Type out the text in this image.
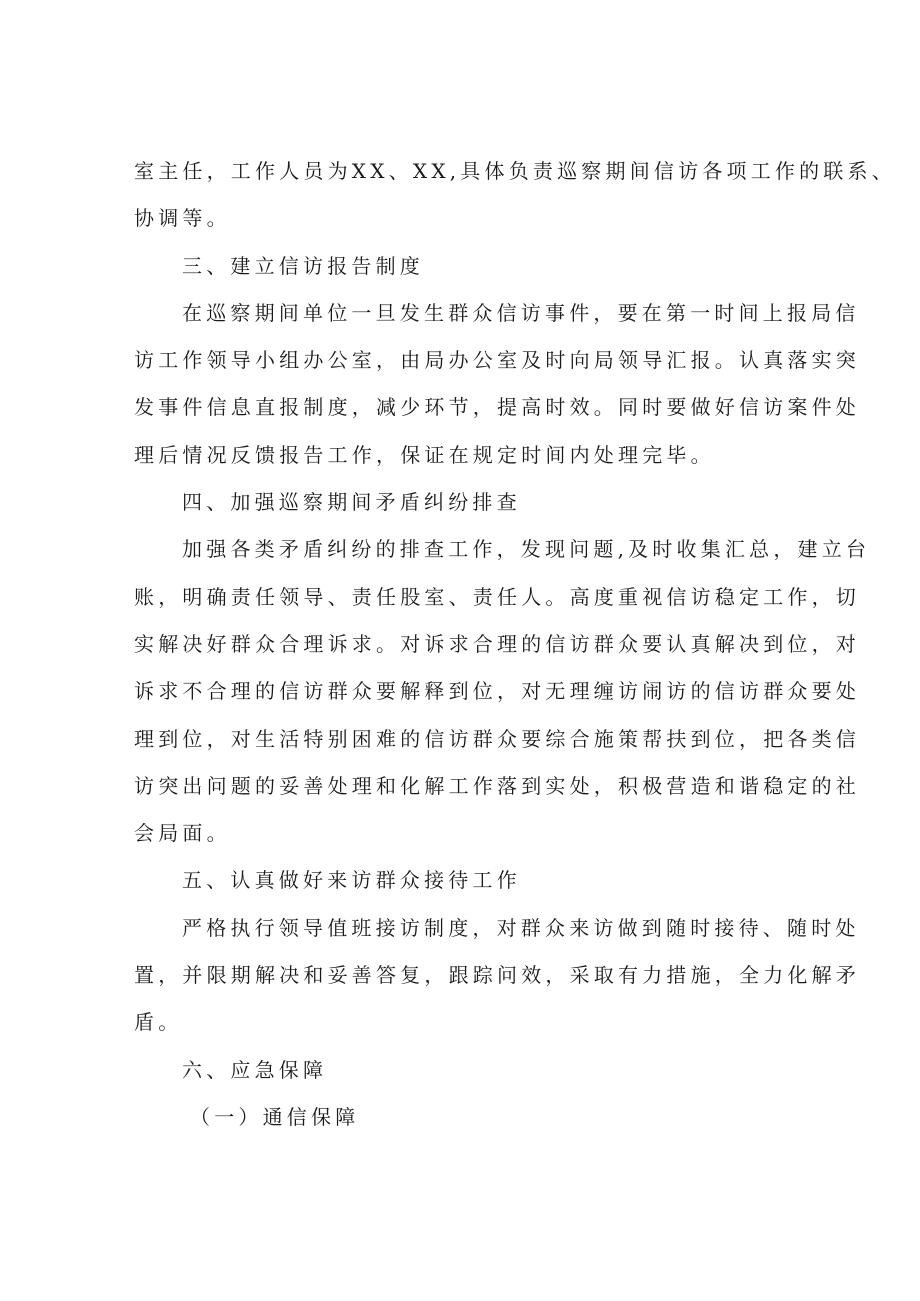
室主任，工作人员为XX、XX,具体负责巡察期间信访各项工作的联系、
协调等。
三、建立信访报告制度
在巡察期间单位一旦发生群众信访事件，要在第一时间上报局信
访工作领导小组办公室，由局办公室及时向局领导汇报。认真落实突
发事件信息直报制度，减少环节，提高时效。同时要做好信访案件处
理后情况反馈报告工作，保证在规定时间内处理完毕。
四、加强巡察期间矛盾纠纷排查
加强各类矛盾纠纷的排查工作，发现问题,及时收集汇总，建立台
账，明确责任领导、责任股室、责任人。高度重视信访稳定工作，切
实解决好群众合理诉求。对诉求合理的信访群众要认真解决到位，对
诉求不合理的信访群众要解释到位，对无理缠访闹访的信访群众要处
理到位，对生活特别困难的信访群众要综合施策帮扶到位，把各类信
访突出问题的妥善处理和化解工作落到实处，积极营造和谐稳定的社
会局面。
五、认真做好来访群众接待工作
严格执行领导值班接访制度，对群众来访做到随时接待、随时处
置，并限期解决和妥善答复，跟踪问效，采取有力措施，全力化解矛
盾。
六、应急保障
（一）通信保障
